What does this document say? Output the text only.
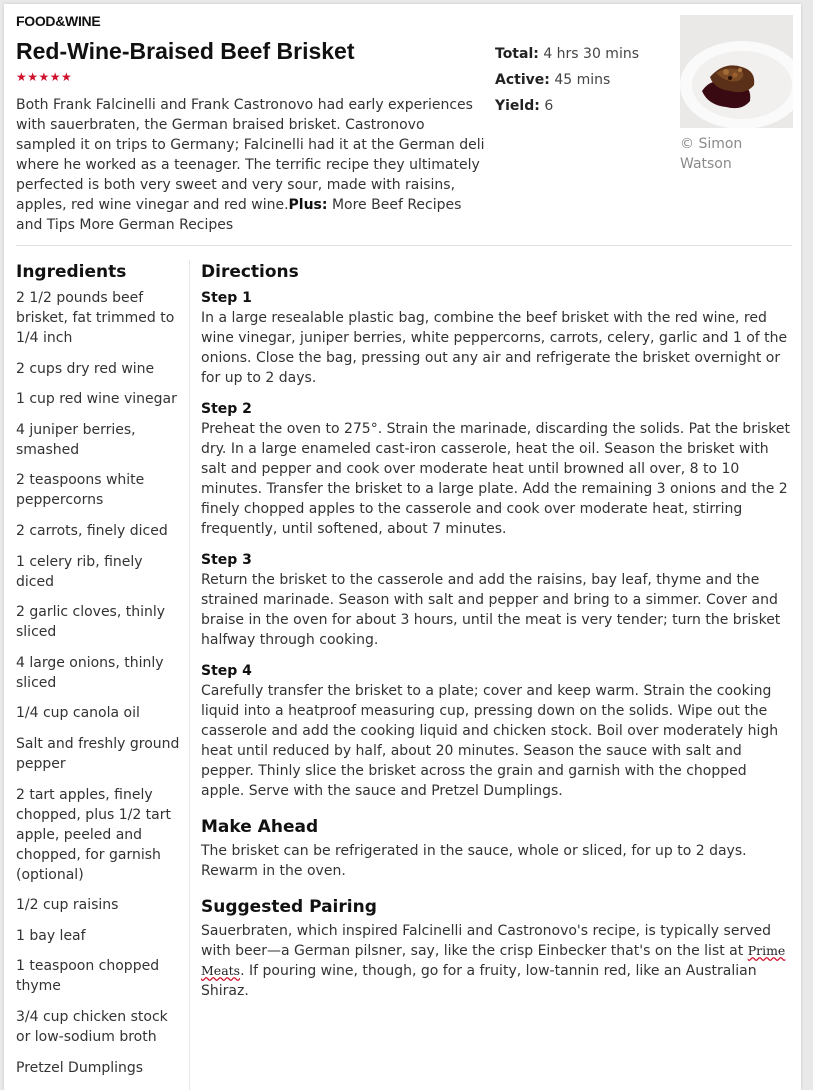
FOOD&WINE
Red-Wine-Braised Beef Brisket
★★★★★
Both Frank Falcinelli and Frank Castronovo had early experiences with sauerbraten, the German braised brisket. Castronovo sampled it on trips to Germany; Falcinelli had it at the German deli where he worked as a teenager. The terrific recipe they ultimately perfected is both very sweet and very sour, made with raisins, apples, red wine vinegar and red wine.Plus: More Beef Recipes and Tips More German Recipes
Total: 4 hrs 30 mins
Active: 45 mins
Yield: 6
© Simon Watson
Ingredients
2 1/2 pounds beef brisket, fat trimmed to 1/4 inch
2 cups dry red wine
1 cup red wine vinegar
4 juniper berries, smashed
2 teaspoons white peppercorns
2 carrots, finely diced
1 celery rib, finely diced
2 garlic cloves, thinly sliced
4 large onions, thinly sliced
1/4 cup canola oil
Salt and freshly ground pepper
2 tart apples, finely chopped, plus 1/2 tart apple, peeled and chopped, for garnish (optional)
1/2 cup raisins
1 bay leaf
1 teaspoon chopped thyme
3/4 cup chicken stock or low-sodium broth
Pretzel Dumplings
Directions

Step 1

In a large resealable plastic bag, combine the beef brisket with the red wine, red wine vinegar, juniper berries, white peppercorns, carrots, celery, garlic and 1 of the onions. Close the bag, pressing out any air and refrigerate the brisket overnight or for up to 2 days.

Step 2

Preheat the oven to 275°. Strain the marinade, discarding the solids. Pat the brisket dry. In a large enameled cast-iron casserole, heat the oil. Season the brisket with salt and pepper and cook over moderate heat until browned all over, 8 to 10 minutes. Transfer the brisket to a large plate. Add the remaining 3 onions and the 2 finely chopped apples to the casserole and cook over moderate heat, stirring frequently, until softened, about 7 minutes.

Step 3

Return the brisket to the casserole and add the raisins, bay leaf, thyme and the strained marinade. Season with salt and pepper and bring to a simmer. Cover and braise in the oven for about 3 hours, until the meat is very tender; turn the brisket halfway through cooking.

Step 4

Carefully transfer the brisket to a plate; cover and keep warm. Strain the cooking liquid into a heatproof measuring cup, pressing down on the solids. Wipe out the casserole and add the cooking liquid and chicken stock. Boil over moderately high heat until reduced by half, about 20 minutes. Season the sauce with salt and pepper. Thinly slice the brisket across the grain and garnish with the chopped apple. Serve with the sauce and Pretzel Dumplings.

Make Ahead

The brisket can be refrigerated in the sauce, whole or sliced, for up to 2 days. Rewarm in the oven.

Suggested Pairing

Sauerbraten, which inspired Falcinelli and Castronovo's recipe, is typically served with beer—a German pilsner, say, like the crisp Einbecker that's on the list at Prime Meats. If pouring wine, though, go for a fruity, low-tannin red, like an Australian Shiraz.
